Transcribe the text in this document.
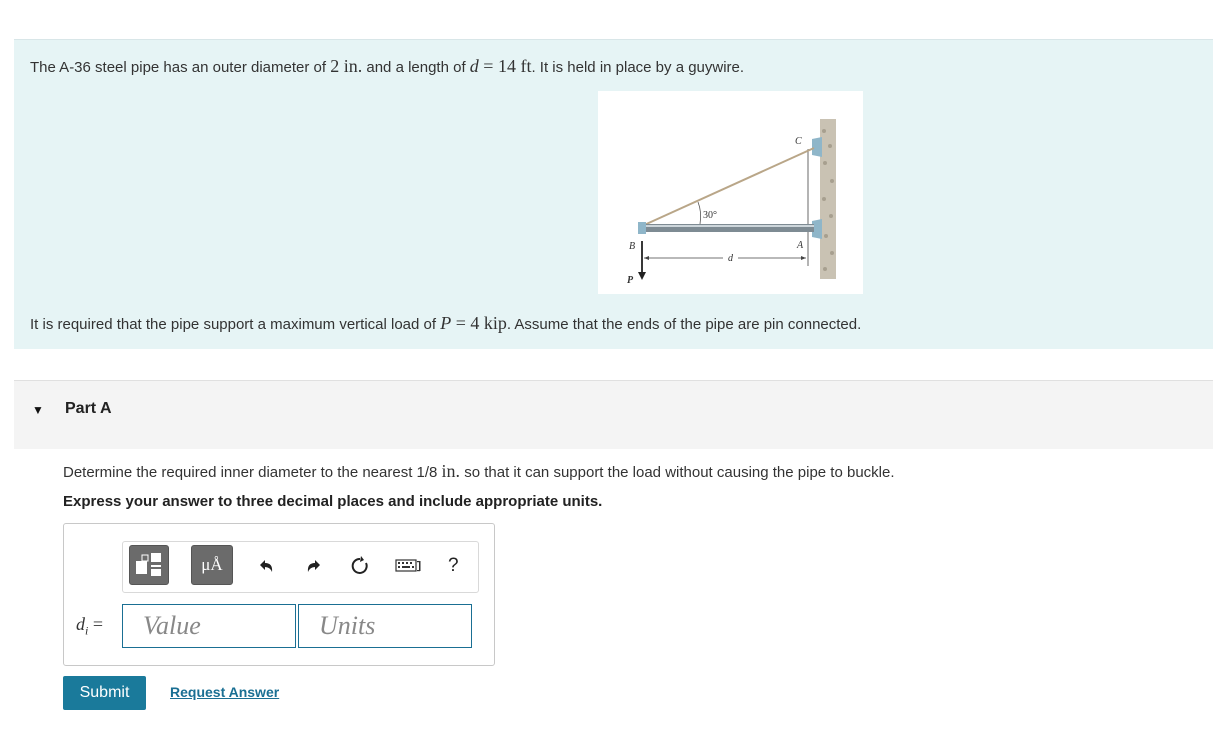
The A-36 steel pipe has an outer diameter of 2 in. and a length of d = 14 ft. It is held in place by a guywire.
C
B	A
P
d
30°
It is required that the pipe support a maximum vertical load of P = 4 kip. Assume that the ends of the pipe are pin connected.
▼ Part A
Determine the required inner diameter to the nearest 1/8 in. so that it can support the load without causing the pipe to buckle.
Express your answer to three decimal places and include appropriate units.
μÅ	?
$d_i$ =	Value	Units
Submit	Request Answer
